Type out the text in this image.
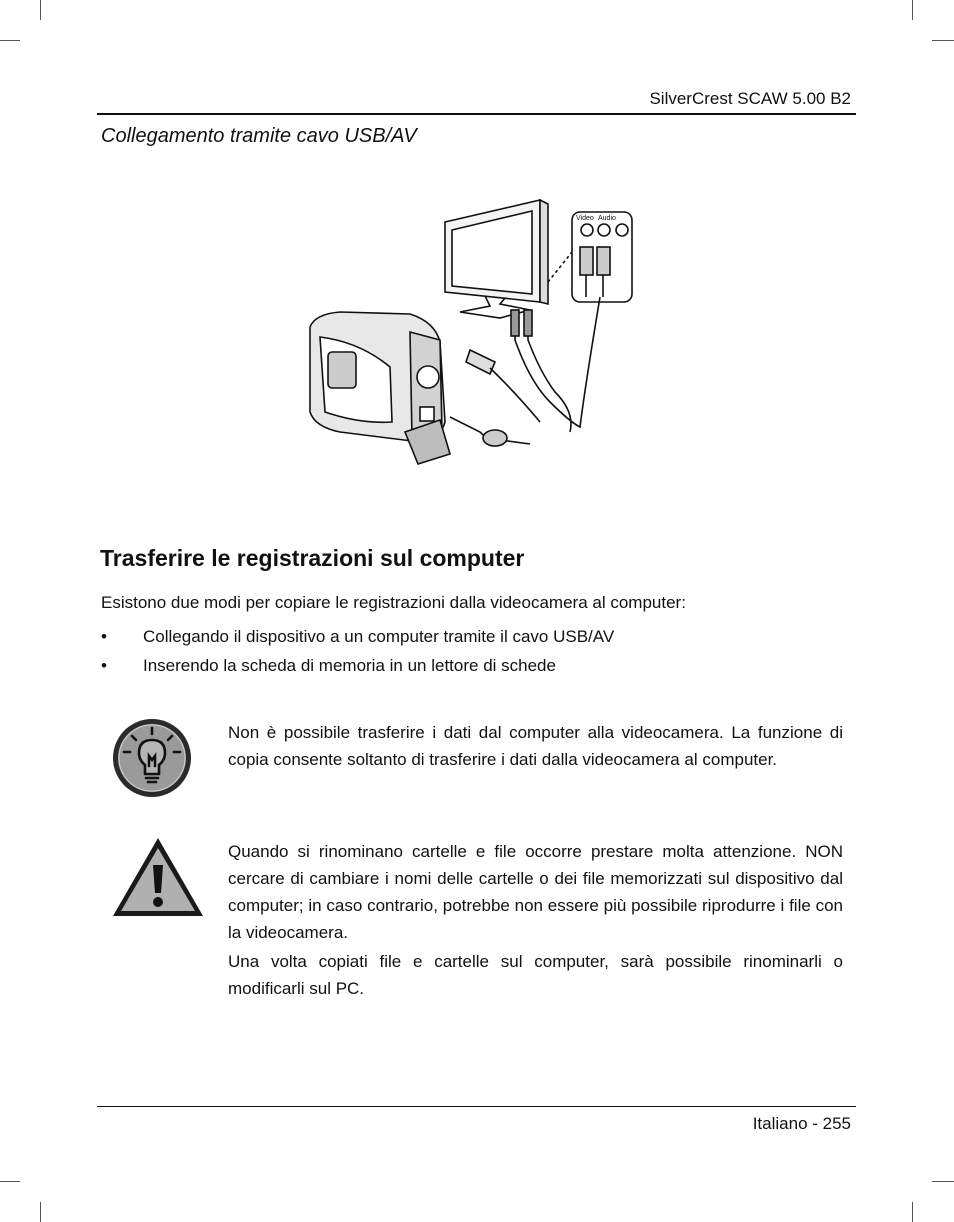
SilverCrest SCAW 5.00 B2
Collegamento tramite cavo USB/AV
Video Audio
Trasferire le registrazioni sul computer
Esistono due modi per copiare le registrazioni dalla videocamera al computer:
• Collegando il dispositivo a un computer tramite il cavo USB/AV
• Inserendo la scheda di memoria in un lettore di schede

Non è possibile trasferire i dati dal computer alla videocamera. La funzione di copia consente soltanto di trasferire i dati dalla videocamera al computer.

Quando si rinominano cartelle e file occorre prestare molta attenzione. NON cercare di cambiare i nomi delle cartelle o dei file memorizzati sul dispositivo dal computer; in caso contrario, potrebbe non essere più possibile riprodurre i file con la videocamera.

Una volta copiati file e cartelle sul computer, sarà possibile rinominarli o modificarli sul PC.

Italiano - 255
